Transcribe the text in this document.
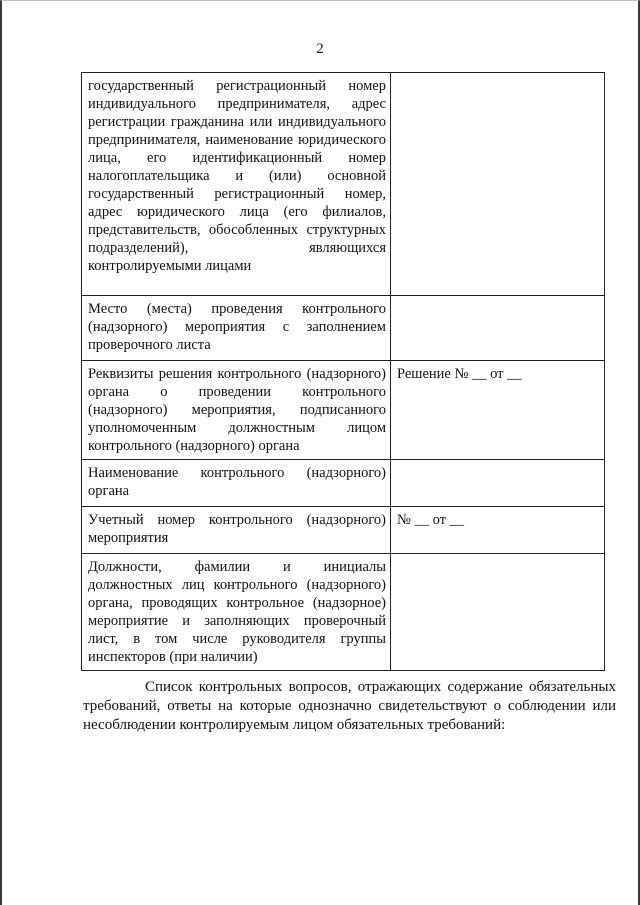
2
государственный регистрационный номер индивидуального предпринимателя, адрес регистрации гражданина или индивидуального предпринимателя, наименование юридического лица, его идентификационный номер налогоплательщика и (или) основной государственный регистрационный номер, адрес юридического лица (его филиалов, представительств, обособленных структурных подразделений), являющихся контролируемыми лицами	
Место (места) проведения контрольного (надзорного) мероприятия с заполнением проверочного листа	
Реквизиты решения контрольного (надзорного) органа о проведении контрольного (надзорного) мероприятия, подписанного уполномоченным должностным лицом контрольного (надзорного) органа	Решение № __ от __
Наименование контрольного (надзорного) органа	
Учетный номер контрольного (надзорного) мероприятия	№ __ от __
Должности, фамилии и инициалы должностных лиц контрольного (надзорного) органа, проводящих контрольное (надзорное) мероприятие и заполняющих проверочный лист, в том числе руководителя группы инспекторов (при наличии)	

Список контрольных вопросов, отражающих содержание обязательных требований, ответы на которые однозначно свидетельствуют о соблюдении или несоблюдении контролируемым лицом обязательных требований:
